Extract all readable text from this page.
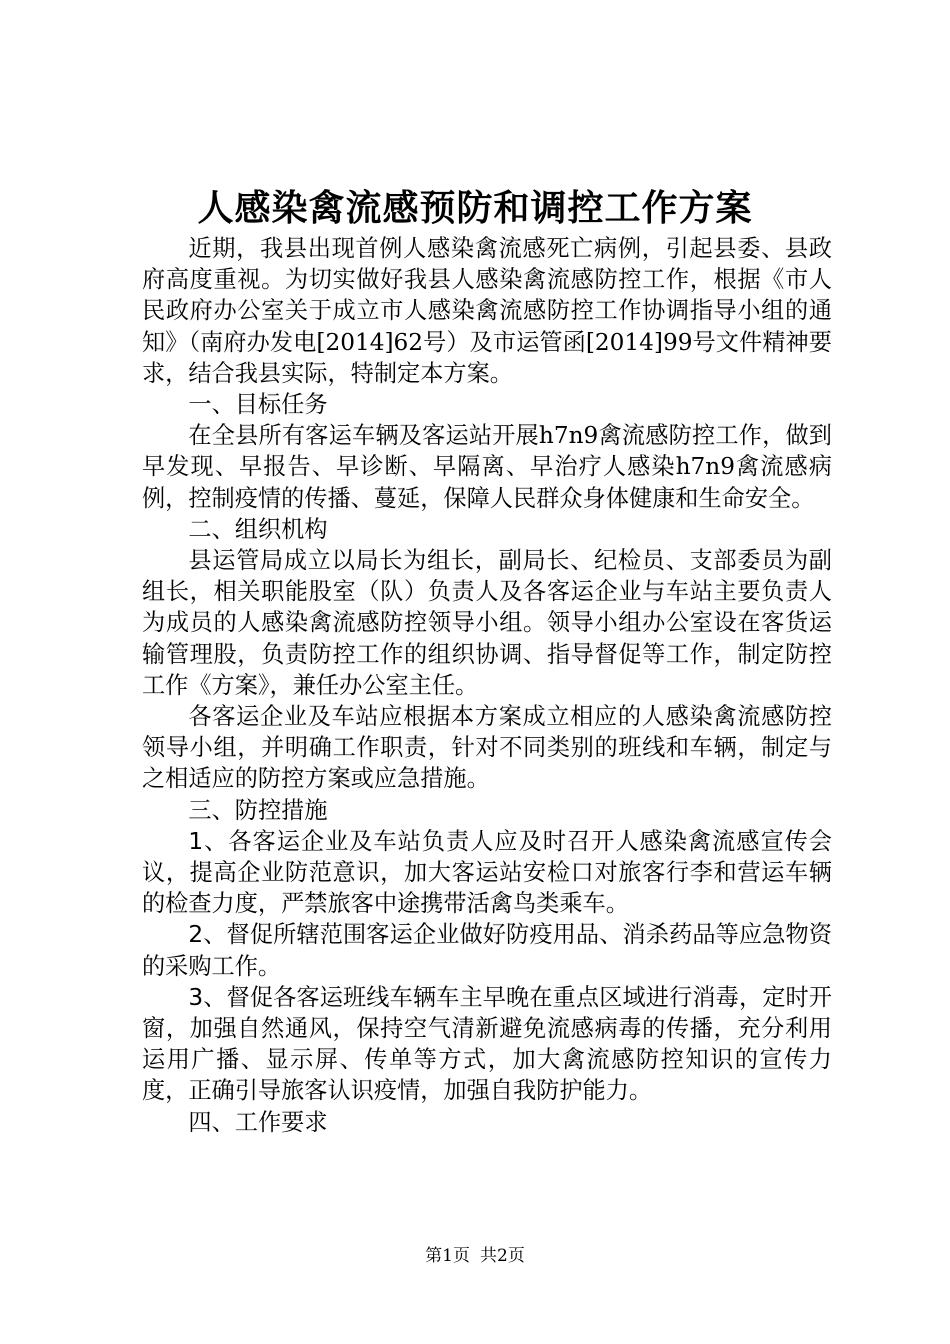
人感染禽流感预防和调控工作方案

近期，我县出现首例人感染禽流感死亡病例，引起县委、县政府高度重视。为切实做好我县人感染禽流感防控工作，根据《市人民政府办公室关于成立市人感染禽流感防控工作协调指导小组的通知》（南府办发电[2014]62号）及市运管函[2014]99号文件精神要求，结合我县实际，特制定本方案。

一、目标任务

在全县所有客运车辆及客运站开展h7n9禽流感防控工作，做到早发现、早报告、早诊断、早隔离、早治疗人感染h7n9禽流感病例，控制疫情的传播、蔓延，保障人民群众身体健康和生命安全。

二、组织机构

县运管局成立以局长为组长，副局长、纪检员、支部委员为副组长，相关职能股室（队）负责人及各客运企业与车站主要负责人为成员的人感染禽流感防控领导小组。领导小组办公室设在客货运输管理股，负责防控工作的组织协调、指导督促等工作，制定防控工作《方案》，兼任办公室主任。

各客运企业及车站应根据本方案成立相应的人感染禽流感防控领导小组，并明确工作职责，针对不同类别的班线和车辆，制定与之相适应的防控方案或应急措施。

三、防控措施

1、各客运企业及车站负责人应及时召开人感染禽流感宣传会议，提高企业防范意识，加大客运站安检口对旅客行李和营运车辆的检查力度，严禁旅客中途携带活禽鸟类乘车。

2、督促所辖范围客运企业做好防疫用品、消杀药品等应急物资的采购工作。

3、督促各客运班线车辆车主早晚在重点区域进行消毒，定时开窗，加强自然通风，保持空气清新避免流感病毒的传播，充分利用运用广播、显示屏、传单等方式，加大禽流感防控知识的宣传力度，正确引导旅客认识疫情，加强自我防护能力。

四、工作要求

第1页 共2页
